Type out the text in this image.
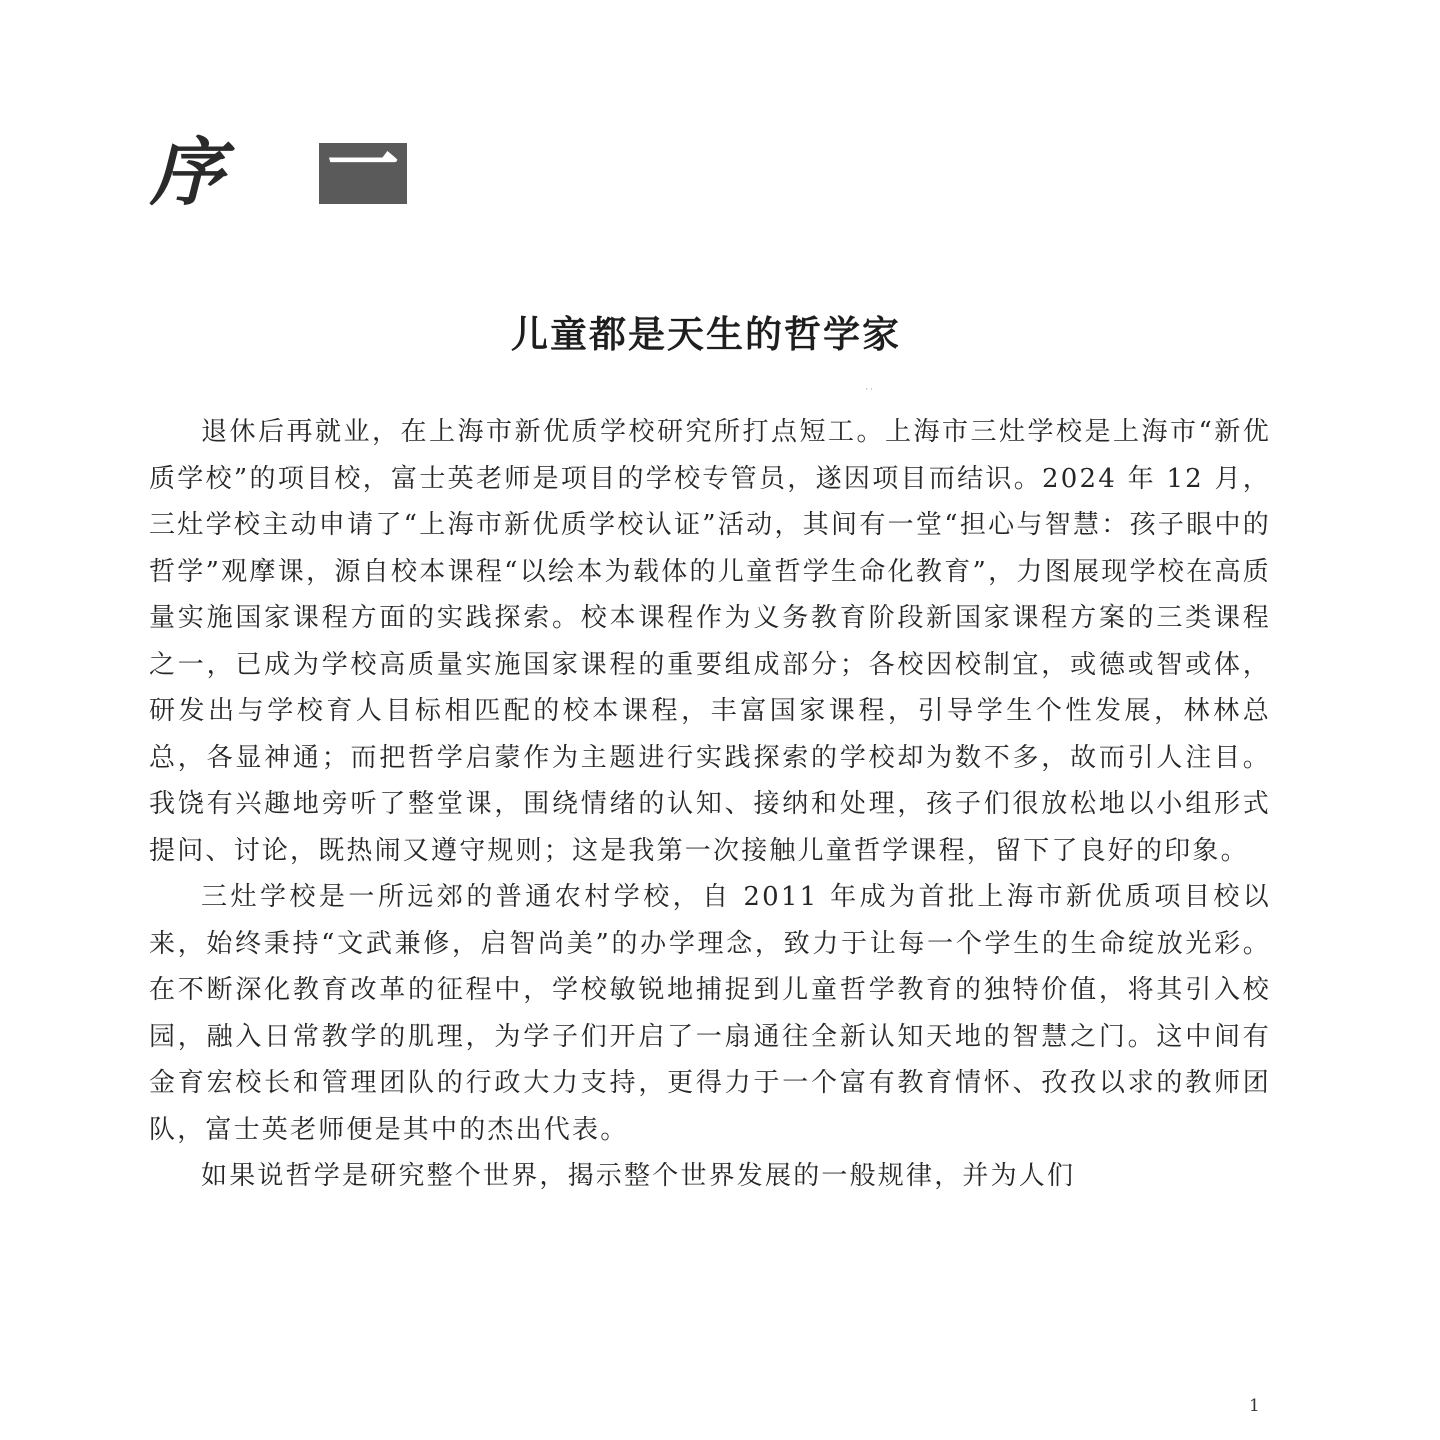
序 一
儿童都是天生的哲学家
˙˙

退休后再就业，在上海市新优质学校研究所打点短工。上海市三灶学校是上海市“新优质学校”的项目校，富士英老师是项目的学校专管员，遂因项目而结识。2024 年 12 月，三灶学校主动申请了“上海市新优质学校认证”活动，其间有一堂“担心与智慧：孩子眼中的哲学”观摩课，源自校本课程“以绘本为载体的儿童哲学生命化教育”，力图展现学校在高质量实施国家课程方面的实践探索。校本课程作为义务教育阶段新国家课程方案的三类课程之一，已成为学校高质量实施国家课程的重要组成部分；各校因校制宜，或德或智或体，研发出与学校育人目标相匹配的校本课程，丰富国家课程，引导学生个性发展，林林总总，各显神通；而把哲学启蒙作为主题进行实践探索的学校却为数不多，故而引人注目。我饶有兴趣地旁听了整堂课，围绕情绪的认知、接纳和处理，孩子们很放松地以小组形式提问、讨论，既热闹又遵守规则；这是我第一次接触儿童哲学课程，留下了良好的印象。

三灶学校是一所远郊的普通农村学校，自 2011 年成为首批上海市新优质项目校以来，始终秉持“文武兼修，启智尚美”的办学理念，致力于让每一个学生的生命绽放光彩。在不断深化教育改革的征程中，学校敏锐地捕捉到儿童哲学教育的独特价值，将其引入校园，融入日常教学的肌理，为学子们开启了一扇通往全新认知天地的智慧之门。这中间有金育宏校长和管理团队的行政大力支持，更得力于一个富有教育情怀、孜孜以求的教师团队，富士英老师便是其中的杰出代表。

如果说哲学是研究整个世界，揭示整个世界发展的一般规律，并为人们

1
